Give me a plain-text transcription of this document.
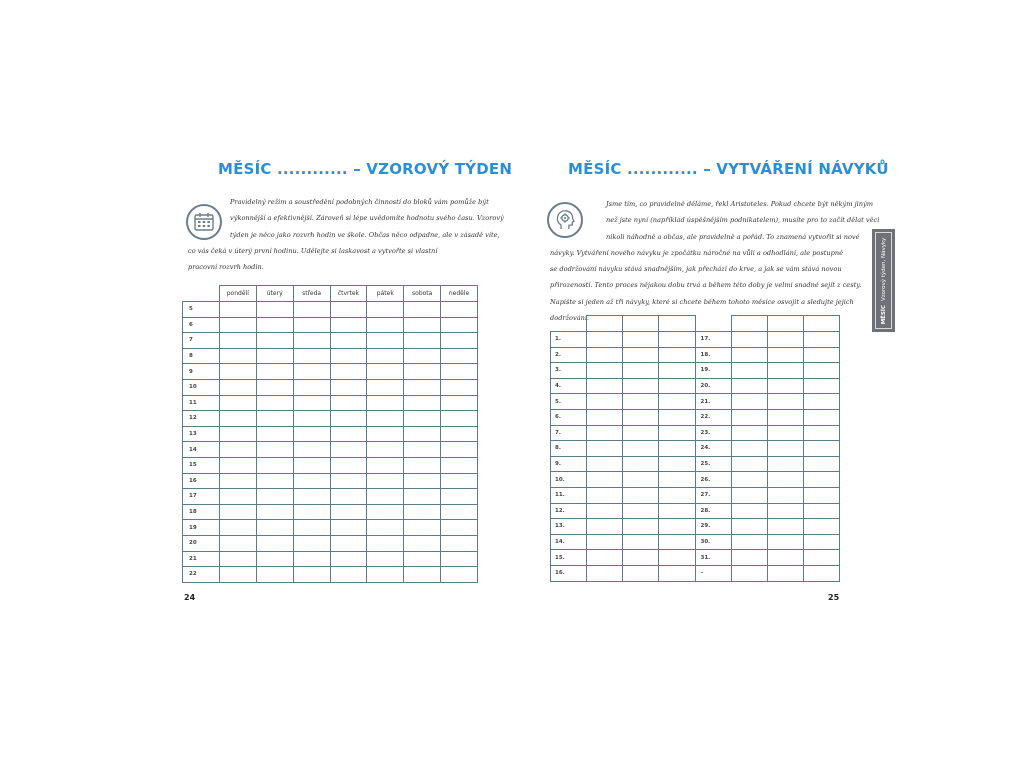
MĚSÍC ............ – VZOROVÝ TÝDEN

Pravidelný režim a soustředění podobných činností do bloků vám pomůže být
výkonnější a efektivnější. Zároveň si lépe uvědomíte hodnotu svého času. Vzorový
týden je něco jako rozvrh hodin ve škole. Občas něco odpadne, ale v zásadě víte,
co vás čeká v úterý první hodinu. Udělejte si laskavost a vytvořte si vlastní
pracovní rozvrh hodin.

	pondělí	úterý	středa	čtvrtek	pátek	sobota	neděle
5							
6							
7							
8							
9							
10							
11							
12							
13							
14							
15							
16							
17							
18							
19							
20							
21							
22							
24
MĚSÍC ............ – VYTVÁŘENÍ NÁVYKŮ

Jsme tím, co pravidelně děláme, řekl Aristoteles. Pokud chcete být někým jiným
než jste nyní (například úspěšnějším podnikatelem), musíte pro to začít dělat věci
nikoli náhodně a občas, ale pravidelně a pořád. To znamená vytvořit si nové
návyky. Vytváření nového návyku je zpočátku náročné na vůli a odhodlání, ale postupně
se dodržování návyku stává snadnějším, jak přechází do krve, a jak se vám stává novou
přirozeností. Tento proces nějakou dobu trvá a během této doby je velmi snadné sejít z cesty.
Napište si jeden až tři návyky, které si chcete během tohoto měsíce osvojit a sledujte jejich
dodržování.

1.				17.			
2.				18.			
3.				19.			
4.				20.			
5.				21.			
6.				22.			
7.				23.			
8.				24.			
9.				25.			
10.				26.			
11.				27.			
12.				28.			
13.				29.			
14.				30.			
15.				31.			
16.				–			
25
MĚSÍCVzorový týden, Návyky
